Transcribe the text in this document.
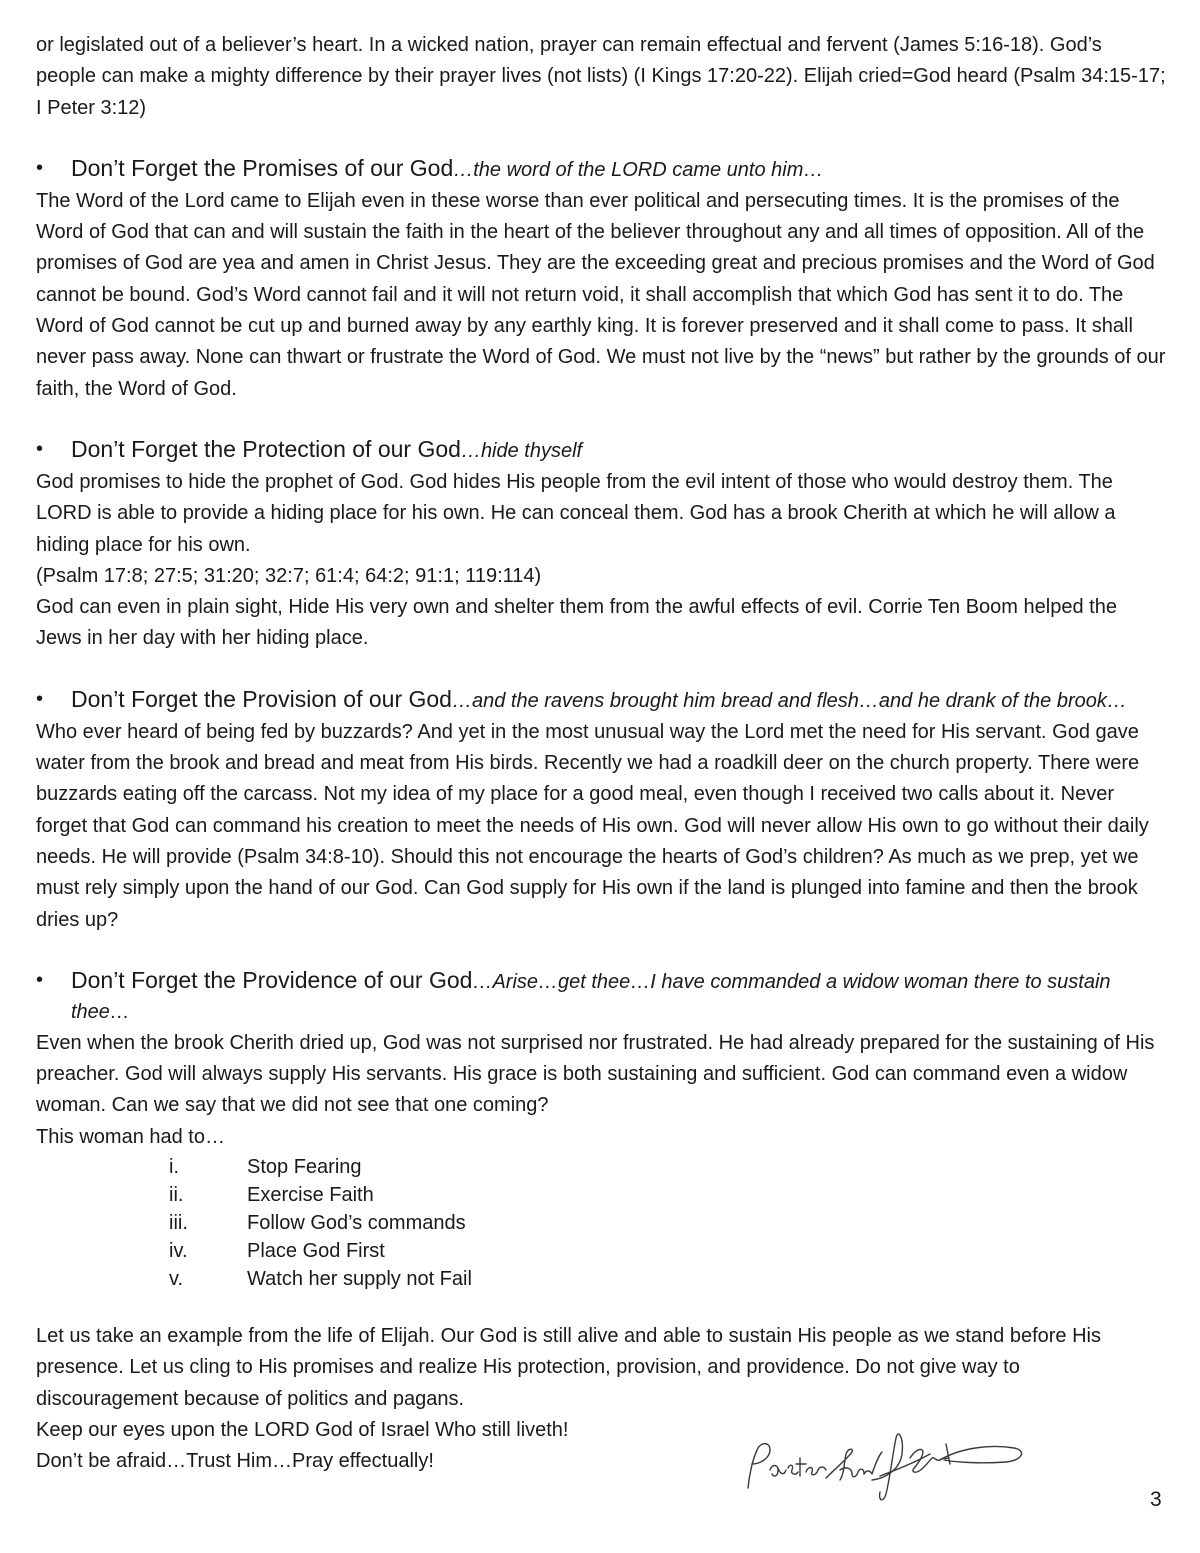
or legislated out of a believer’s heart. In a wicked nation, prayer can remain effectual and fervent (James 5:16-18). God’s people can make a mighty difference by their prayer lives (not lists) (I Kings 17:20-22). Elijah cried=God heard (Psalm 34:15-17; I Peter 3:12)

• Don’t Forget the Promises of our God…the word of the LORD came unto him…

The Word of the Lord came to Elijah even in these worse than ever political and persecuting times. It is the promises of the Word of God that can and will sustain the faith in the heart of the believer throughout any and all times of opposition. All of the promises of God are yea and amen in Christ Jesus. They are the exceeding great and precious promises and the Word of God cannot be bound. God’s Word cannot fail and it will not return void, it shall accomplish that which God has sent it to do. The Word of God cannot be cut up and burned away by any earthly king. It is forever preserved and it shall come to pass. It shall never pass away. None can thwart or frustrate the Word of God. We must not live by the “news” but rather by the grounds of our faith, the Word of God.

• Don’t Forget the Protection of our God…hide thyself

God promises to hide the prophet of God. God hides His people from the evil intent of those who would destroy them. The LORD is able to provide a hiding place for his own. He can conceal them. God has a brook Cherith at which he will allow a hiding place for his own.

(Psalm 17:8; 27:5; 31:20; 32:7; 61:4; 64:2; 91:1; 119:114)

God can even in plain sight, Hide His very own and shelter them from the awful effects of evil. Corrie Ten Boom helped the Jews in her day with her hiding place.

• Don’t Forget the Provision of our God…and the ravens brought him bread and flesh…and he drank of the brook…

Who ever heard of being fed by buzzards? And yet in the most unusual way the Lord met the need for His servant. God gave water from the brook and bread and meat from His birds. Recently we had a roadkill deer on the church property. There were buzzards eating off the carcass. Not my idea of my place for a good meal, even though I received two calls about it. Never forget that God can command his creation to meet the needs of His own. God will never allow His own to go without their daily needs. He will provide (Psalm 34:8-10). Should this not encourage the hearts of God’s children? As much as we prep, yet we must rely simply upon the hand of our God. Can God supply for His own if the land is plunged into famine and then the brook dries up?

• Don’t Forget the Providence of our God…Arise…get thee…I have commanded a widow woman there to sustain thee…

Even when the brook Cherith dried up, God was not surprised nor frustrated. He had already prepared for the sustaining of His preacher. God will always supply His servants. His grace is both sustaining and sufficient. God can command even a widow woman. Can we say that we did not see that one coming?

This woman had to…

i.	Stop Fearing
ii.	Exercise Faith
iii.	Follow God’s commands
iv.	Place God First
v.	Watch her supply not Fail

Let us take an example from the life of Elijah. Our God is still alive and able to sustain His people as we stand before His presence. Let us cling to His promises and realize His protection, provision, and providence. Do not give way to discouragement because of politics and pagans.

Keep our eyes upon the LORD God of Israel Who still liveth!

Don’t be afraid…Trust Him…Pray effectually!

3
